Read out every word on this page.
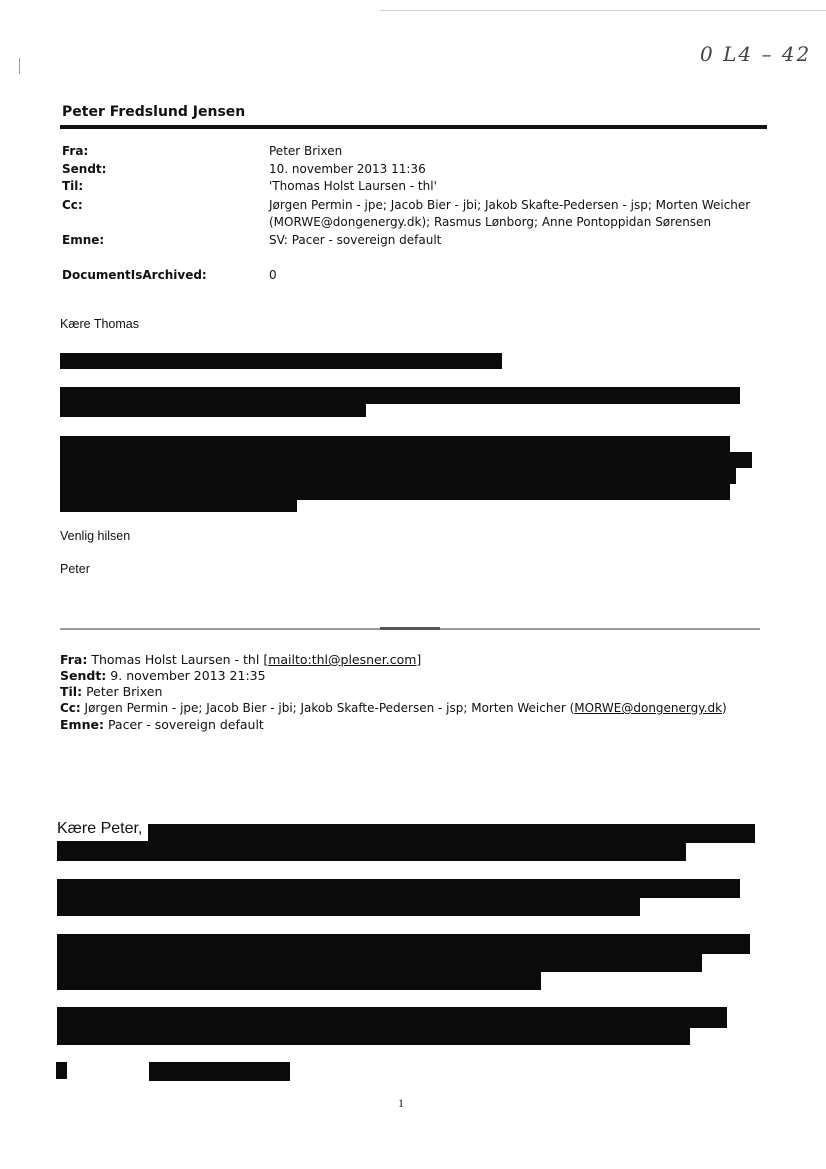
0 L4 – 42
Peter Fredslund Jensen
Fra:	Peter Brixen
Sendt:	10. november 2013 11:36
Til:	'Thomas Holst Laursen - thl'
Cc:	Jørgen Permin - jpe; Jacob Bier - jbi; Jakob Skafte-Pedersen - jsp; Morten Weicher
(MORWE@dongenergy.dk); Rasmus Lønborg; Anne Pontoppidan Sørensen
Emne:	SV: Pacer - sovereign default
DocumentIsArchived:	0
Kære Thomas
Venlig hilsen
Peter
Fra: Thomas Holst Laursen - thl [mailto:thl@plesner.com]
Sendt: 9. november 2013 21:35
Til: Peter Brixen
Cc: Jørgen Permin - jpe; Jacob Bier - jbi; Jakob Skafte-Pedersen - jsp; Morten Weicher (MORWE@dongenergy.dk)
Emne: Pacer - sovereign default
Kære Peter,
1
